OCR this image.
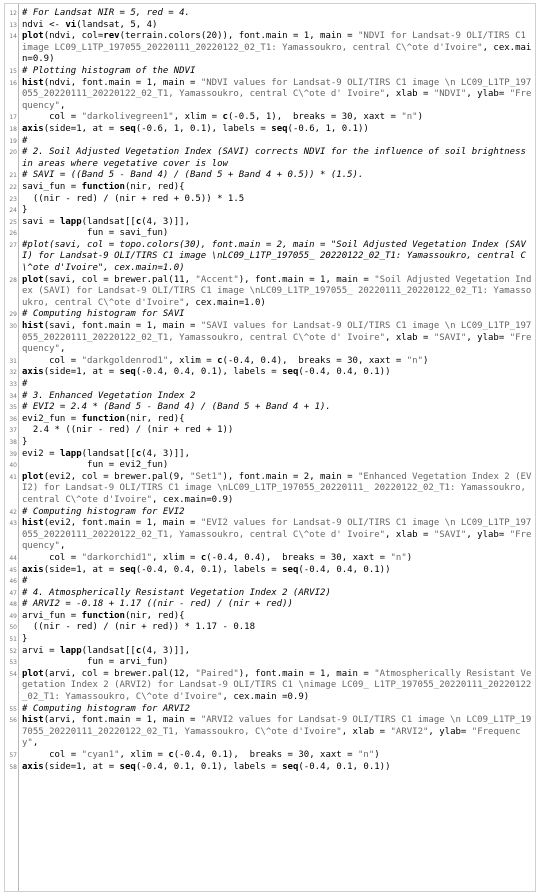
12 # For Landsat NIR = 5, red = 4.
13 ndvi <- vi(landsat, 5, 4)
14 plot(ndvi, col=rev(terrain.colors(20)), font.main = 1, main = "NDVI for Landsat-9 OLI/TIRS C1 image LC09_L1TP_197055_20220111_20220122_02_T1: Yamassoukro, central C\^ote d'Ivoire", cex.main=0.9)
15 # Plotting histogram of the NDVI
16 hist(ndvi, font.main = 1, main = "NDVI values for Landsat-9 OLI/TIRS C1 image \n LC09_L1TP_197055_20220111_20220122_02_T1, Yamassoukro, central C\^ote d' Ivoire", xlab = "NDVI", ylab= "Frequency",
17 col = "darkolivegreen1", xlim = c(-0.5, 1),  breaks = 30, xaxt = "n")
18 axis(side=1, at = seq(-0.6, 1, 0.1), labels = seq(-0.6, 1, 0.1))
19 #
20 # 2. Soil Adjusted Vegetation Index (SAVI) corrects NDVI for the influence of soil brightness in areas where vegetative cover is low
21 # SAVI = ((Band 5 - Band 4) / (Band 5 + Band 4 + 0.5)) * (1.5).
22 savi_fun = function(nir, red){
23 ((nir - red) / (nir + red + 0.5)) * 1.5
24 }
25 savi = lapp(landsat[[c(4, 3)]],
26 fun = savi_fun)
27 #plot(savi, col = topo.colors(30), font.main = 2, main = "Soil Adjusted Vegetation Index (SAVI) for Landsat-9 OLI/TIRS C1 image \nLC09_L1TP_197055_ 20220122_02_T1: Yamassoukro, central C\^ote d'Ivoire", cex.main=1.0)
28 plot(savi, col = brewer.pal(11, "Accent"), font.main = 1, main = "Soil Adjusted Vegetation Index (SAVI) for Landsat-9 OLI/TIRS C1 image \nLC09_L1TP_197055_ 20220111_20220122_02_T1: Yamassoukro, central C\^ote d'Ivoire", cex.main=1.0)
29 # Computing histogram for SAVI
30 hist(savi, font.main = 1, main = "SAVI values for Landsat-9 OLI/TIRS C1 image \n LC09_L1TP_197055_20220111_20220122_02_T1, Yamassoukro, central C\^ote d' Ivoire", xlab = "SAVI", ylab= "Frequency",
31 col = "darkgoldenrod1", xlim = c(-0.4, 0.4),  breaks = 30, xaxt = "n")
32 axis(side=1, at = seq(-0.4, 0.4, 0.1), labels = seq(-0.4, 0.4, 0.1))
33 #
34 # 3. Enhanced Vegetation Index 2
35 # EVI2 = 2.4 * (Band 5 - Band 4) / (Band 5 + Band 4 + 1).
36 evi2_fun = function(nir, red){
37 2.4 * ((nir - red) / (nir + red + 1))
38 }
39 evi2 = lapp(landsat[[c(4, 3)]],
40 fun = evi2_fun)
41 plot(evi2, col = brewer.pal(9, "Set1"), font.main = 2, main = "Enhanced Vegetation Index 2 (EVI2) for Landsat-9 OLI/TIRS C1 image \nLC09_L1TP_197055_20220111_ 20220122_02_T1: Yamassoukro, central C\^ote d'Ivoire", cex.main=0.9)
42 # Computing histogram for EVI2
43 hist(evi2, font.main = 1, main = "EVI2 values for Landsat-9 OLI/TIRS C1 image \n LC09_L1TP_197055_20220111_20220122_02_T1, Yamassoukro, central C\^ote d' Ivoire", xlab = "SAVI", ylab= "Frequency",
44 col = "darkorchid1", xlim = c(-0.4, 0.4),  breaks = 30, xaxt = "n")
45 axis(side=1, at = seq(-0.4, 0.4, 0.1), labels = seq(-0.4, 0.4, 0.1))
46 #
47 # 4. Atmospherically Resistant Vegetation Index 2 (ARVI2)
48 # ARVI2 = -0.18 + 1.17 ((nir - red) / (nir + red))
49 arvi_fun = function(nir, red){
50 ((nir - red) / (nir + red)) * 1.17 - 0.18
51 }
52 arvi = lapp(landsat[[c(4, 3)]],
53 fun = arvi_fun)
54 plot(arvi, col = brewer.pal(12, "Paired"), font.main = 1, main = "Atmospherically Resistant Vegetation Index 2 (ARVI2) for Landsat-9 OLI/TIRS C1 \nimage LC09_ L1TP_197055_20220111_20220122_02_T1: Yamassoukro, C\^ote d'Ivoire", cex.main =0.9)
55 # Computing histogram for ARVI2
56 hist(arvi, font.main = 1, main = "ARVI2 values for Landsat-9 OLI/TIRS C1 image \n LC09_L1TP_197055_20220111_20220122_02_T1, Yamassoukro, C\^ote d'Ivoire", xlab = "ARVI2", ylab= "Frequency",
57 col = "cyan1", xlim = c(-0.4, 0.1),  breaks = 30, xaxt = "n")
58 axis(side=1, at = seq(-0.4, 0.1, 0.1), labels = seq(-0.4, 0.1, 0.1))
